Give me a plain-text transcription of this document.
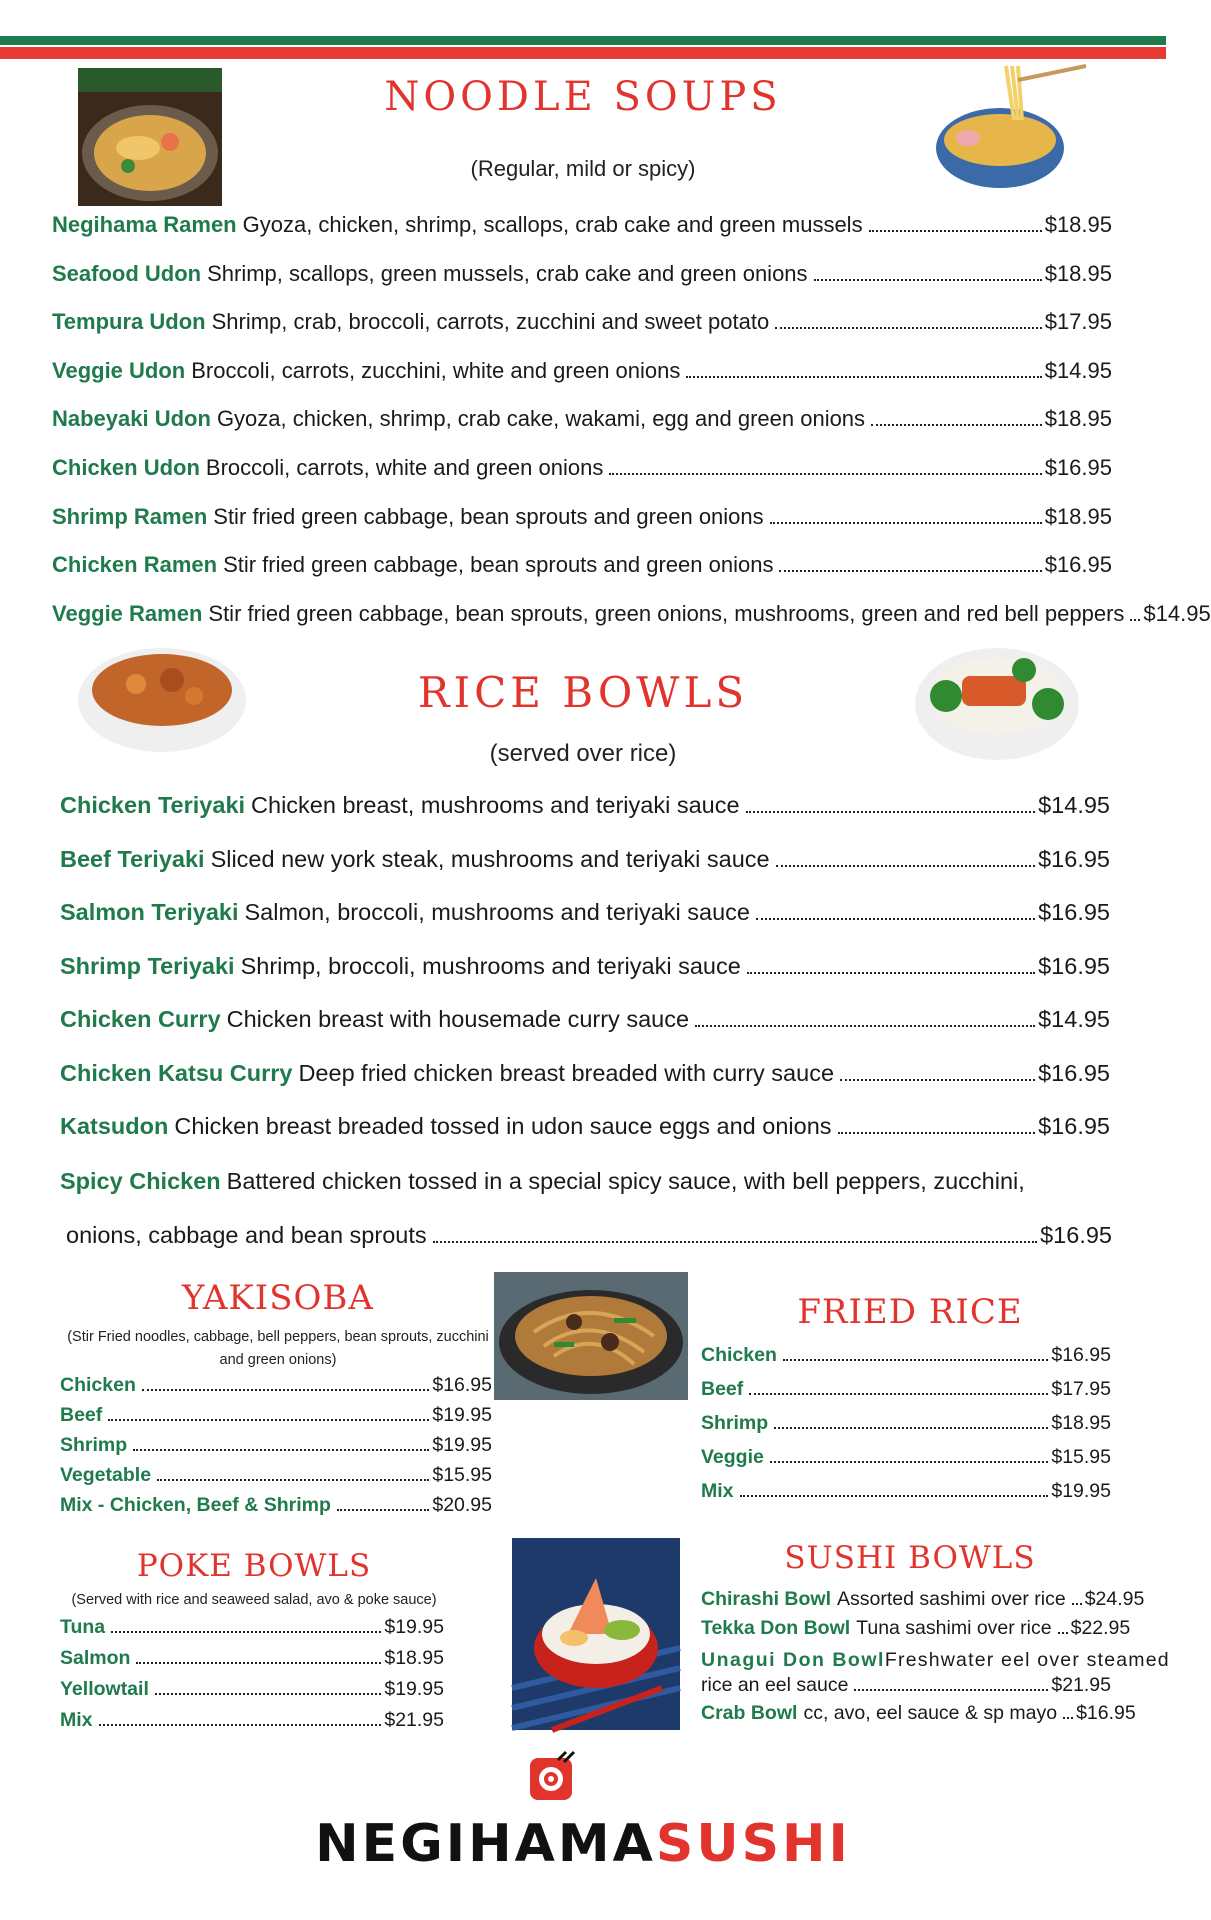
NOODLE SOUPS
(Regular, mild or spicy)
Negihama Ramen Gyoza, chicken, shrimp, scallops, crab cake and green mussels	$18.95
Seafood Udon Shrimp, scallops, green mussels, crab cake and green onions	$18.95
Tempura Udon Shrimp, crab, broccoli, carrots, zucchini and sweet potato	$17.95
Veggie Udon Broccoli, carrots, zucchini, white and green onions	$14.95
Nabeyaki Udon Gyoza, chicken, shrimp, crab cake, wakami, egg and green onions	$18.95
Chicken Udon Broccoli, carrots, white and green onions	$16.95
Shrimp Ramen Stir fried green cabbage, bean sprouts and green onions	$18.95
Chicken Ramen Stir fried green cabbage, bean sprouts and green onions	$16.95
Veggie Ramen Stir fried green cabbage, bean sprouts, green onions, mushrooms, green and red bell peppers $14.95
RICE BOWLS
(served over rice)
Chicken Teriyaki Chicken breast, mushrooms and teriyaki sauce	$14.95
Beef Teriyaki Sliced new york steak, mushrooms and teriyaki sauce	$16.95
Salmon Teriyaki Salmon, broccoli, mushrooms and teriyaki sauce	$16.95
Shrimp Teriyaki Shrimp, broccoli, mushrooms and teriyaki sauce	$16.95
Chicken Curry Chicken breast with housemade curry sauce	$14.95
Chicken Katsu Curry Deep fried chicken breast breaded with curry sauce	$16.95
Katsudon Chicken breast breaded tossed in udon sauce eggs and onions	$16.95
Spicy Chicken Battered chicken tossed in a special spicy sauce, with bell peppers, zucchini,
onions, cabbage and bean sprouts	$16.95
YAKISOBA
(Stir Fried noodles, cabbage, bell peppers, bean sprouts, zucchini and green onions)
Chicken	$16.95
Beef	$19.95
Shrimp	$19.95
Vegetable	$15.95
Mix - Chicken, Beef & Shrimp	$20.95
FRIED RICE
Chicken	$16.95
Beef	$17.95
Shrimp	$18.95
Veggie	$15.95
Mix	$19.95
POKE BOWLS
(Served with rice and seaweed salad, avo & poke sauce)
Tuna	$19.95
Salmon	$18.95
Yellowtail	$19.95
Mix	$21.95
SUSHI BOWLS
Chirashi Bowl Assorted sashimi over rice $24.95
Tekka Don Bowl Tuna sashimi over rice $22.95
Unagui Don Bowl Freshwater eel over steamed
rice an eel sauce	$21.95
Crab Bowl cc, avo, eel sauce & sp mayo $16.95
NEGIHAMASUSHI
